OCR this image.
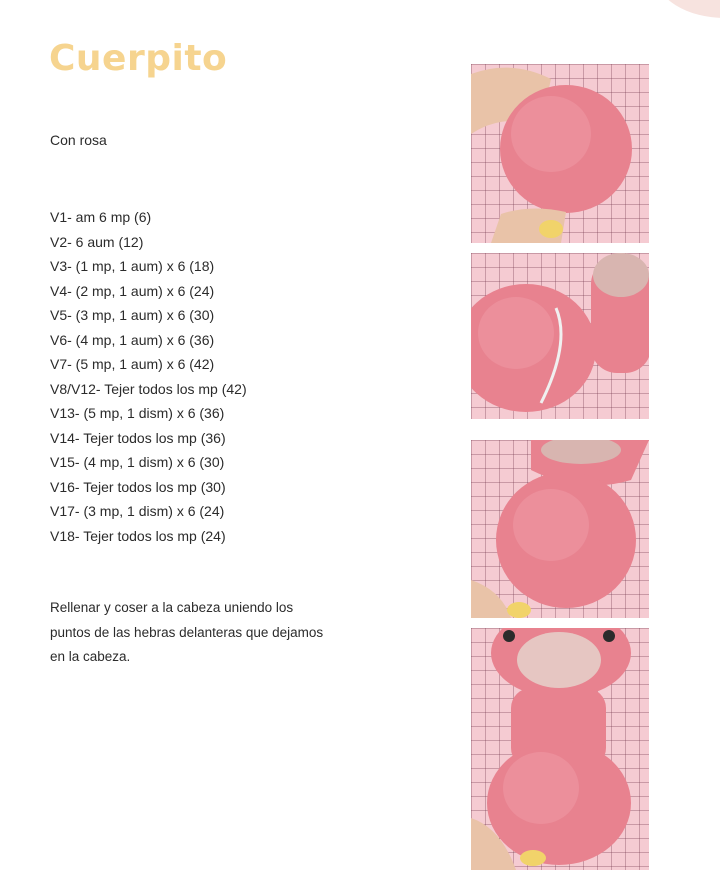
Cuerpito
Con rosa
V1- am 6 mp (6)
V2- 6 aum (12)
V3- (1 mp, 1 aum) x 6 (18)
V4- (2 mp, 1 aum) x 6 (24)
V5- (3 mp, 1 aum) x 6 (30)
V6- (4 mp, 1 aum) x 6 (36)
V7- (5 mp, 1 aum) x 6 (42)
V8/V12- Tejer todos los mp (42)
V13- (5 mp, 1 dism) x 6 (36)
V14- Tejer todos los mp (36)
V15- (4 mp, 1 dism) x 6 (30)
V16- Tejer todos los mp (30)
V17- (3 mp, 1 dism) x 6 (24)
V18- Tejer todos los mp (24)

Rellenar y coser a la cabeza uniendo los puntos de las hebras delanteras que dejamos en la cabeza.
